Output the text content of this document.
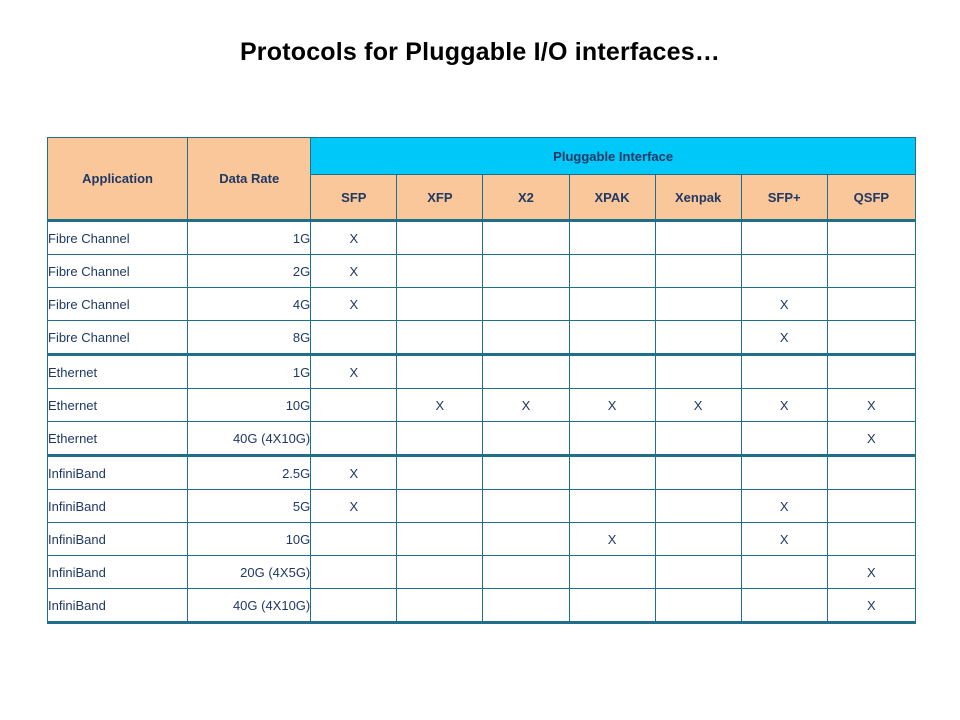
Protocols for Pluggable I/O interfaces…
Application	Data Rate	Pluggable Interface						
		SFP	XFP	X2	XPAK	Xenpak	SFP+	QSFP
Fibre Channel	1G	X						
Fibre Channel	2G	X						
Fibre Channel	4G	X					X	
Fibre Channel	8G						X	
Ethernet	1G	X						
Ethernet	10G		X	X	X	X	X	X
Ethernet	40G (4X10G)							X
InfiniBand	2.5G	X						
InfiniBand	5G	X					X	
InfiniBand	10G				X		X	
InfiniBand	20G (4X5G)							X
InfiniBand	40G (4X10G)							X
